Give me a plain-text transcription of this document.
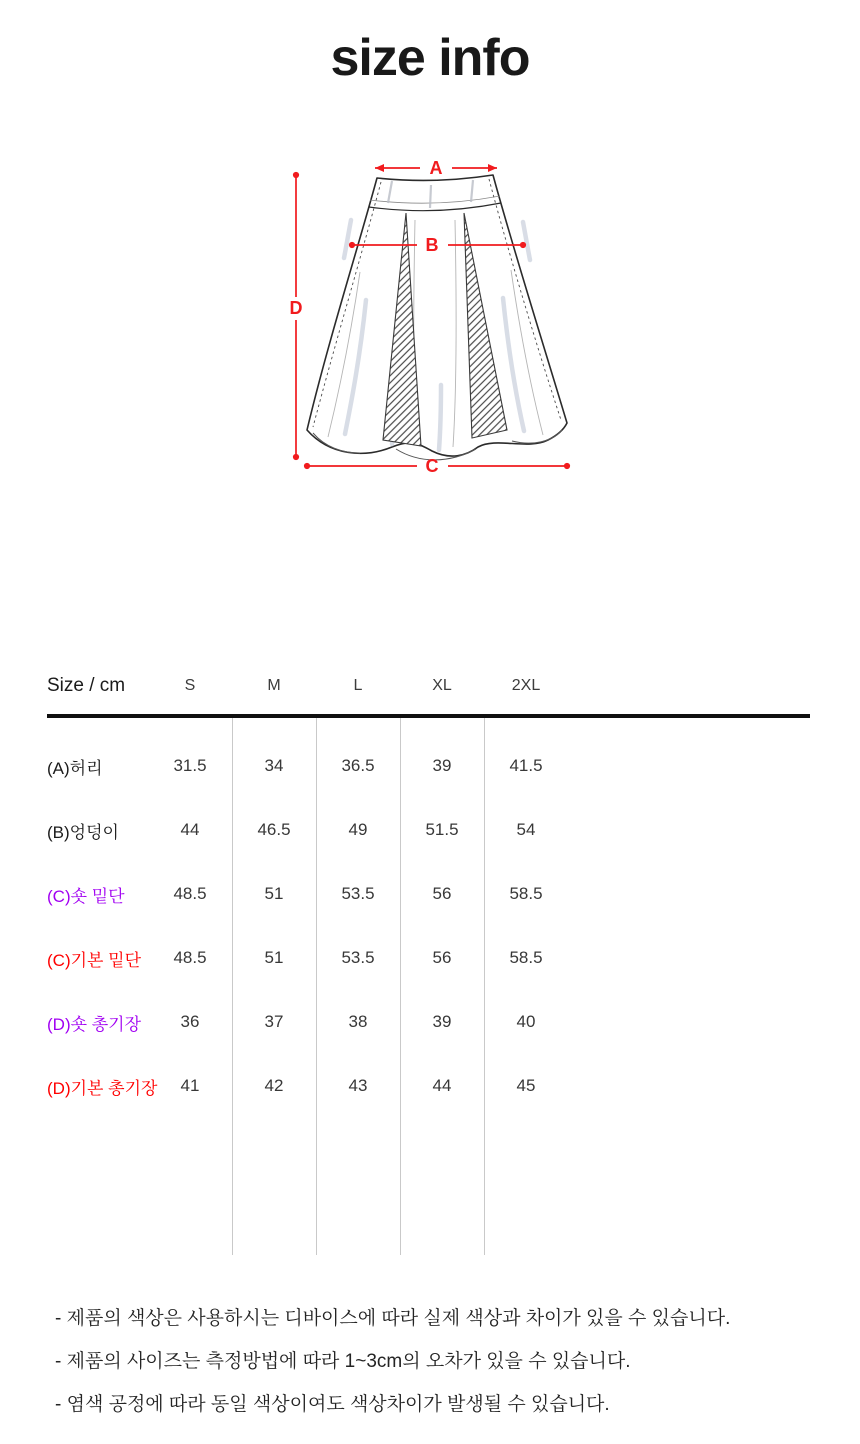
size info
A
B
C
D
Size / cm	S	M	L	XL	2XL
(A)허리	31.5	34	36.5	39	41.5
(B)엉덩이	44	46.5	49	51.5	54
(C)숏 밑단	48.5	51	53.5	56	58.5
(C)기본 밑단	48.5	51	53.5	56	58.5
(D)숏 총기장	36	37	38	39	40
(D)기본 총기장	41	42	43	44	45
- 제품의 색상은 사용하시는 디바이스에 따라 실제 색상과 차이가 있을 수 있습니다.
- 제품의 사이즈는 측정방법에 따라 1~3cm의 오차가 있을 수 있습니다.
- 염색 공정에 따라 동일 색상이여도 색상차이가 발생될 수 있습니다.
